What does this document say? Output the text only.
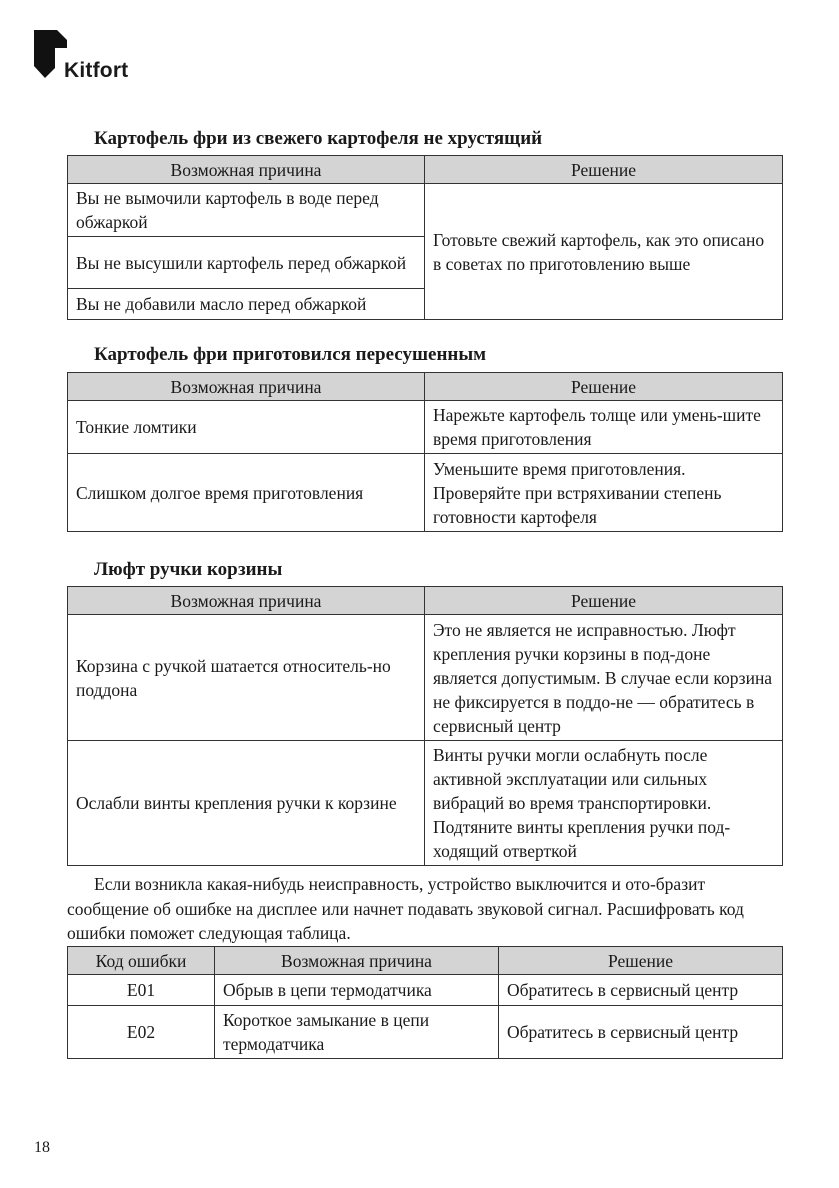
Kitfort
Картофель фри из свежего картофеля не хрустящий
Возможная причина	Решение
Вы не вымочили картофель в воде перед обжаркой	Готовьте свежий картофель, как это описано в советах по приготовлению выше
Вы не высушили картофель перед обжаркой	
Вы не добавили масло перед обжаркой	
Картофель фри приготовился пересушенным
Возможная причина	Решение
Тонкие ломтики	Нарежьте картофель толще или умень-шите время приготовления
Слишком долгое время приготовления	Уменьшите время приготовления. Проверяйте при встряхивании степень готовности картофеля
Люфт ручки корзины
Возможная причина	Решение
Корзина с ручкой шатается относитель-но поддона	Это не является не исправностью. Люфт крепления ручки корзины в под-доне является допустимым. В случае если корзина не фиксируется в поддо-не — обратитесь в сервисный центр
Ослабли винты крепления ручки к корзине	Винты ручки могли ослабнуть после активной эксплуатации или сильных вибраций во время транспортировки. Подтяните винты крепления ручки под-ходящий отверткой

Если возникла какая-нибудь неисправность, устройство выключится и ото-бразит сообщение об ошибке на дисплее или начнет подавать звуковой сигнал. Расшифровать код ошибки поможет следующая таблица.

Код ошибки	Возможная причина	Решение
E01	Обрыв в цепи термодатчика	Обратитесь в сервисный центр
E02	Короткое замыкание в цепи термодатчика	Обратитесь в сервисный центр
18
